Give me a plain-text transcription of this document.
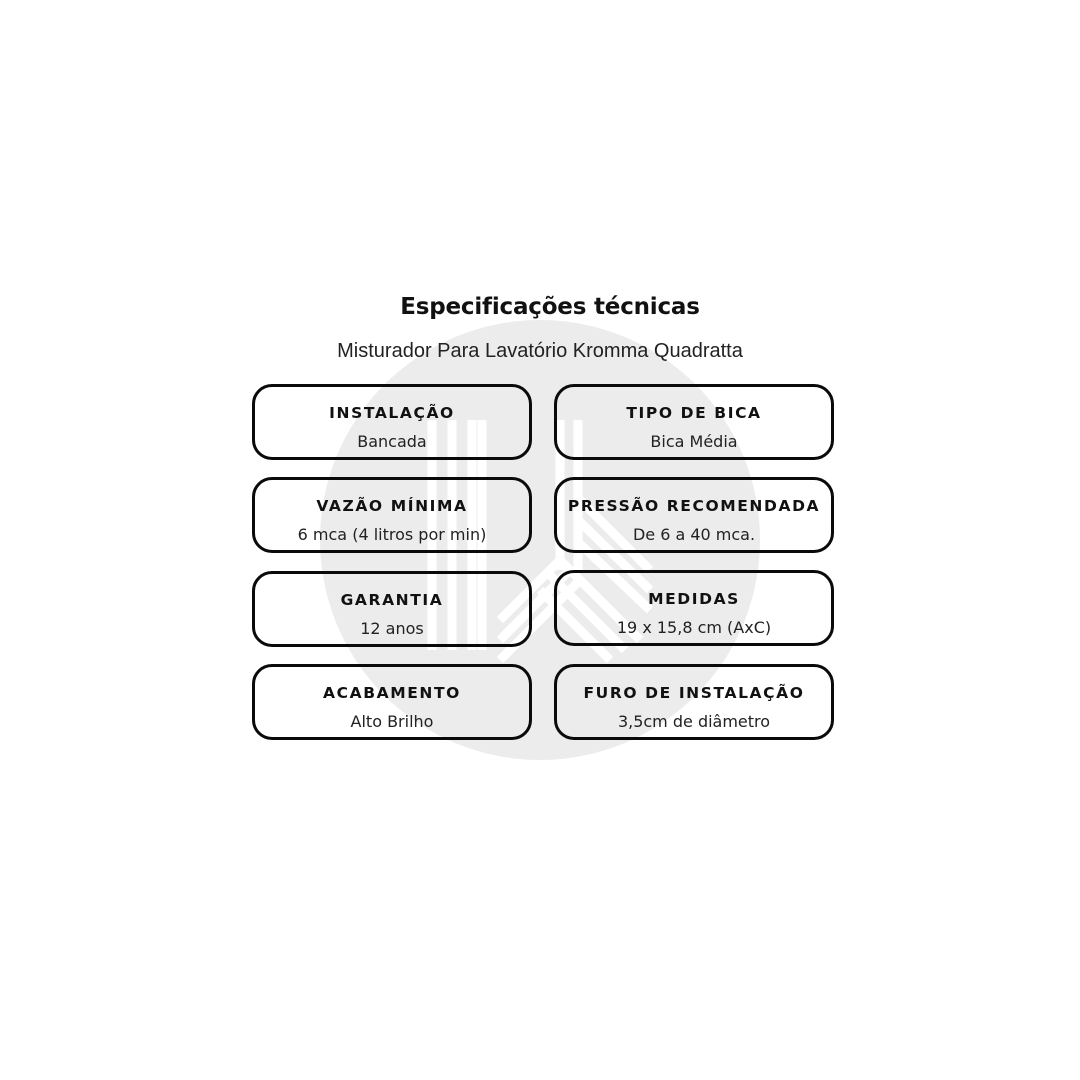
Especificações técnicas
Misturador Para Lavatório Kromma Quadratta
INSTALAÇÃO
Bancada
TIPO DE BICA
Bica Média
VAZÃO MÍNIMA
6 mca (4 litros por min)
PRESSÃO RECOMENDADA
De 6 a 40 mca.
GARANTIA
12 anos
MEDIDAS
19 x 15,8 cm (AxC)
ACABAMENTO
Alto Brilho
FURO DE INSTALAÇÃO
3,5cm de diâmetro
